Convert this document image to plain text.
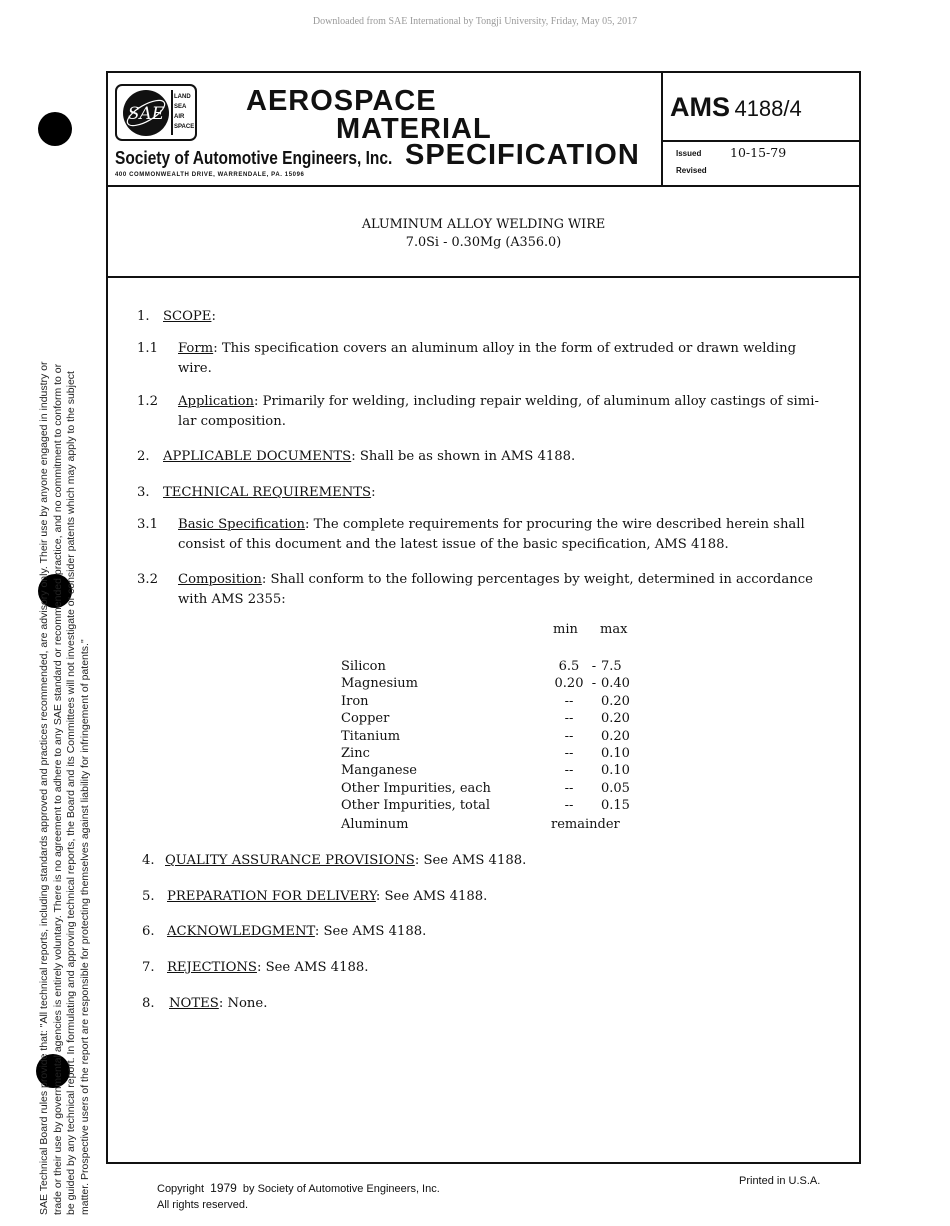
Downloaded from SAE International by Tongji University, Friday, May 05, 2017
SAE Technical Board rules provide that: "All technical reports, including standards approved and practices recommended, are advisory only. Their use by anyone engaged in industry or trade or their use by governmental agencies is entirely voluntary. There is no agreement to adhere to any SAE standard or recommended practice, and no commitment to conform to or be guided by any technical report. In formulating and approving technical reports, the Board and its Committees will not investigate or consider patents which may apply to the subject matter. Prospective users of the report are responsible for protecting themselves against liability for infringement of patents."
SAE
LAND
SEA
AIR
SPACE
AEROSPACE
MATERIAL
SPECIFICATION
Society of Automotive Engineers, Inc.
400 COMMONWEALTH DRIVE, WARRENDALE, PA. 15096
AMS 4188/4
Issued 10-15-79
Revised
ALUMINUM ALLOY WELDING WIRE
7.0Si - 0.30Mg (A356.0)
1. SCOPE:
1.1 Form: This specification covers an aluminum alloy in the form of extruded or drawn welding
wire.
1.2 Application: Primarily for welding, including repair welding, of aluminum alloy castings of simi-
lar composition.
2. APPLICABLE DOCUMENTS: Shall be as shown in AMS 4188.
3. TECHNICAL REQUIREMENTS:
3.1 Basic Specification: The complete requirements for procuring the wire described herein shall
consist of this document and the latest issue of the basic specification, AMS 4188.
3.2 Composition: Shall conform to the following percentages by weight, determined in accordance
with AMS 2355:
min max
Silicon	6.5	-	7.5
Magnesium	0.20	-	0.40
Iron	--		0.20
Copper	--		0.20
Titanium	--		0.20
Zinc	--		0.10
Manganese	--		0.10
Other Impurities, each	--		0.05
Other Impurities, total	--		0.15
Aluminum	remainder
4. QUALITY ASSURANCE PROVISIONS: See AMS 4188.
5. PREPARATION FOR DELIVERY: See AMS 4188.
6. ACKNOWLEDGMENT: See AMS 4188.
7. REJECTIONS: See AMS 4188.
8. NOTES: None.
Copyright 1979 by Society of Automotive Engineers, Inc.
All rights reserved.
Printed in U.S.A.
